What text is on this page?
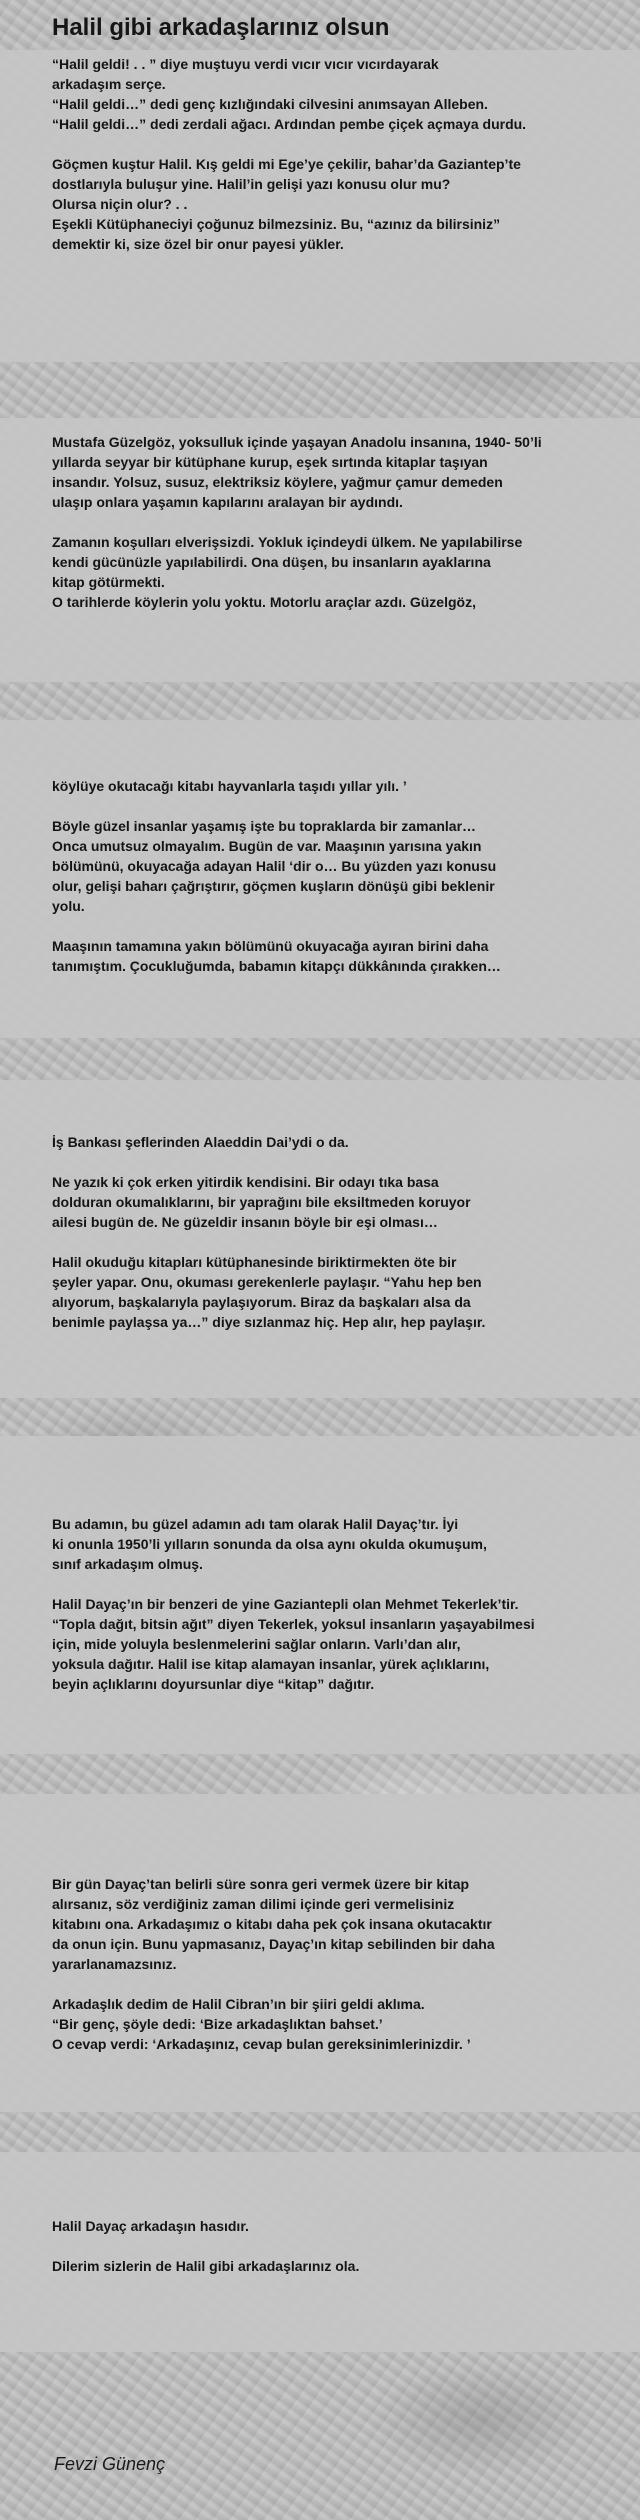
Halil gibi arkadaşlarınız olsun

“Halil geldi! . . ” diye muştuyu verdi vıcır vıcır vıcırdayarak
arkadaşım serçe.
“Halil geldi…” dedi genç kızlığındaki cilvesini anımsayan Alleben.
“Halil geldi…” dedi zerdali ağacı. Ardından pembe çiçek açmaya durdu.

Göçmen kuştur Halil. Kış geldi mi Ege’ye çekilir, bahar’da Gaziantep’te
dostlarıyla buluşur yine. Halil’in gelişi yazı konusu olur mu?
Olursa niçin olur? . .
Eşekli Kütüphaneciyi çoğunuz bilmezsiniz. Bu, “azınız da bilirsiniz”
demektir ki, size özel bir onur payesi yükler.

Mustafa Güzelgöz, yoksulluk içinde yaşayan Anadolu insanına, 1940- 50’li
yıllarda seyyar bir kütüphane kurup, eşek sırtında kitaplar taşıyan
insandır. Yolsuz, susuz, elektriksiz köylere, yağmur çamur demeden
ulaşıp onlara yaşamın kapılarını aralayan bir aydındı.

Zamanın koşulları elverişsizdi. Yokluk içindeydi ülkem. Ne yapılabilirse
kendi gücünüzle yapılabilirdi. Ona düşen, bu insanların ayaklarına
kitap götürmekti.
O tarihlerde köylerin yolu yoktu. Motorlu araçlar azdı. Güzelgöz,

köylüye okutacağı kitabı hayvanlarla taşıdı yıllar yılı. ’

Böyle güzel insanlar yaşamış işte bu topraklarda bir zamanlar…
Onca umutsuz olmayalım. Bugün de var. Maaşının yarısına yakın
bölümünü, okuyacağa adayan Halil ‘dir o… Bu yüzden yazı konusu
olur, gelişi baharı çağrıştırır, göçmen kuşların dönüşü gibi beklenir
yolu.

Maaşının tamamına yakın bölümünü okuyacağa ayıran birini daha
tanımıştım. Çocukluğumda, babamın kitapçı dükkânında çırakken…

İş Bankası şeflerinden Alaeddin Dai’ydi o da.

Ne yazık ki çok erken yitirdik kendisini. Bir odayı tıka basa
dolduran okumalıklarını, bir yaprağını bile eksiltmeden koruyor
ailesi bugün de. Ne güzeldir insanın böyle bir eşi olması…

Halil okuduğu kitapları kütüphanesinde biriktirmekten öte bir
şeyler yapar. Onu, okuması gerekenlerle paylaşır. “Yahu hep ben
alıyorum, başkalarıyla paylaşıyorum. Biraz da başkaları alsa da
benimle paylaşsa ya…” diye sızlanmaz hiç. Hep alır, hep paylaşır.

Bu adamın, bu güzel adamın adı tam olarak Halil Dayaç’tır. İyi
ki onunla 1950’li yılların sonunda da olsa aynı okulda okumuşum,
sınıf arkadaşım olmuş.

Halil Dayaç’ın bir benzeri de yine Gaziantepli olan Mehmet Tekerlek’tir.
“Topla dağıt, bitsin ağıt” diyen Tekerlek, yoksul insanların yaşayabilmesi
için, mide yoluyla beslenmelerini sağlar onların. Varlı’dan alır,
yoksula dağıtır. Halil ise kitap alamayan insanlar, yürek açlıklarını,
beyin açlıklarını doyursunlar diye “kitap” dağıtır.

Bir gün Dayaç’tan belirli süre sonra geri vermek üzere bir kitap
alırsanız, söz verdiğiniz zaman dilimi içinde geri vermelisiniz
kitabını ona. Arkadaşımız o kitabı daha pek çok insana okutacaktır
da onun için. Bunu yapmasanız, Dayaç’ın kitap sebilinden bir daha
yararlanamazsınız.

Arkadaşlık dedim de Halil Cibran’ın bir şiiri geldi aklıma.
“Bir genç, şöyle dedi: ‘Bize arkadaşlıktan bahset.’
O cevap verdi: ‘Arkadaşınız, cevap bulan gereksinimlerinizdir. ’

Halil Dayaç arkadaşın hasıdır.

Dilerim sizlerin de Halil gibi arkadaşlarınız ola.

Fevzi Günenç
